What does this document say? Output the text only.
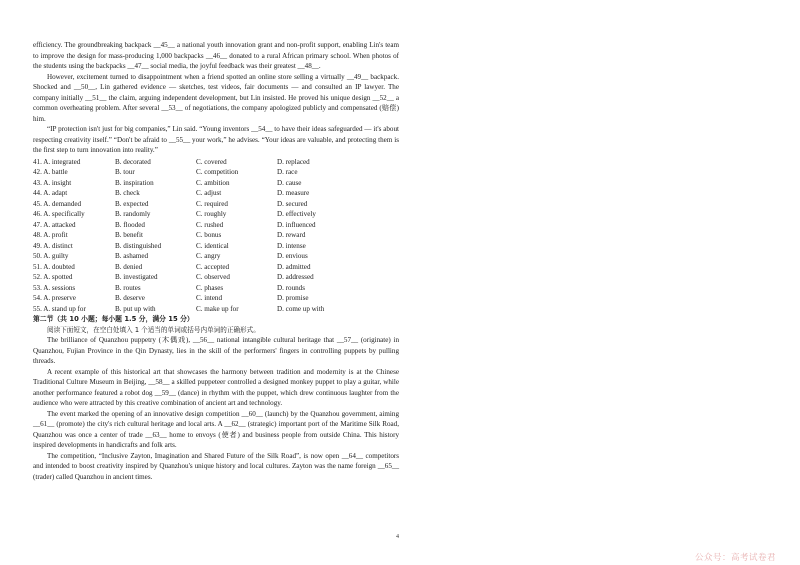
efficiency. The groundbreaking backpack __45__ a national youth innovation grant and non-profit support, enabling Lin's team to improve the design for mass-producing 1,000 backpacks __46__ donated to a rural African primary school. When photos of the students using the backpacks __47__ social media, the joyful feedback was their greatest __48__.

However, excitement turned to disappointment when a friend spotted an online store selling a virtually __49__ backpack. Shocked and __50__, Lin gathered evidence — sketches, test videos, fair documents — and consulted an IP lawyer. The company initially __51__ the claim, arguing independent development, but Lin insisted. He proved his unique design __52__ a common overheating problem. After several __53__ of negotiations, the company apologized publicly and compensated (赔偿) him.

“IP protection isn't just for big companies,” Lin said. “Young inventors __54__ to have their ideas safeguarded — it's about respecting creativity itself.” “Don't be afraid to __55__ your work,” he advises. “Your ideas are valuable, and protecting them is the first step to turn innovation into reality.”

41. A. integrated	B. decorated	C. covered	D. replaced
42. A. battle	B. tour	C. competition	D. race
43. A. insight	B. inspiration	C. ambition	D. cause
44. A. adapt	B. check	C. adjust	D. measure
45. A. demanded	B. expected	C. required	D. secured
46. A. specifically	B. randomly	C. roughly	D. effectively
47. A. attacked	B. flooded	C. rushed	D. influenced
48. A. profit	B. benefit	C. bonus	D. reward
49. A. distinct	B. distinguished	C. identical	D. intense
50. A. guilty	B. ashamed	C. angry	D. envious
51. A. doubted	B. denied	C. accepted	D. admitted
52. A. spotted	B. investigated	C. observed	D. addressed
53. A. sessions	B. routes	C. phases	D. rounds
54. A. preserve	B. deserve	C. intend	D. promise
55. A. stand up for	B. put up with	C. make up for	D. come up with
第二节（共 10 小题；每小题 1.5 分，满分 15 分）

阅读下面短文，在空白处填入 1 个适当的单词或括号内单词的正确形式。

The brilliance of Quanzhou puppetry (木偶戏), __56__ national intangible cultural heritage that __57__ (originate) in Quanzhou, Fujian Province in the Qin Dynasty, lies in the skill of the performers' fingers in controlling puppets by pulling threads.

A recent example of this historical art that showcases the harmony between tradition and modernity is at the Chinese Traditional Culture Museum in Beijing, __58__ a skilled puppeteer controlled a designed monkey puppet to play a guitar, while another performance featured a robot dog __59__ (dance) in rhythm with the puppet, which drew continuous laughter from the audience who were attracted by this creative combination of ancient art and technology.

The event marked the opening of an innovative design competition __60__ (launch) by the Quanzhou government, aiming __61__ (promote) the city's rich cultural heritage and local arts. A __62__ (strategic) important port of the Maritime Silk Road, Quanzhou was once a center of trade __63__ home to envoys (使者) and business people from outside China. This history inspired developments in handicrafts and folk arts.

The competition, “Inclusive Zayton, Imagination and Shared Future of the Silk Road”, is now open __64__ competitors and intended to boost creativity inspired by Quanzhou's unique history and local cultures. Zayton was the name foreign __65__ (trader) called Quanzhou in ancient times.

4
公众号：高考试卷君
